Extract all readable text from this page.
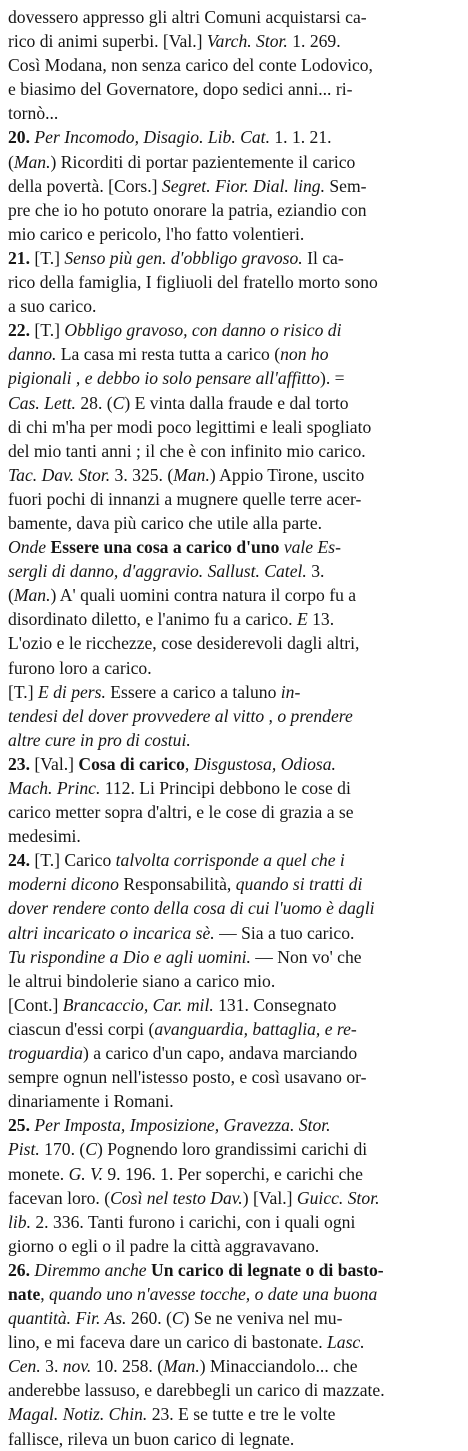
dovessero appresso gli altri Comuni acquistarsi ca-
rico di animi superbi. [Val.] Varch. Stor. 1. 269.
Così Modana, non senza carico del conte Lodovico,
e biasimo del Governatore, dopo sedici anni... ri-
tornò...
20. Per Incomodo, Disagio. Lib. Cat. 1. 1. 21.
(Man.) Ricorditi di portar pazientemente il carico
della povertà. [Cors.] Segret. Fior. Dial. ling. Sem-
pre che io ho potuto onorare la patria, eziandio con
mio carico e pericolo, l'ho fatto volentieri.
21. [T.] Senso più gen. d'obbligo gravoso. Il ca-
rico della famiglia, I figliuoli del fratello morto sono
a suo carico.
22. [T.] Obbligo gravoso, con danno o risico di
danno. La casa mi resta tutta a carico (non ho
pigionali , e debbo io solo pensare all'affitto). =
Cas. Lett. 28. (C) E vinta dalla fraude e dal torto
di chi m'ha per modi poco legittimi e leali spogliato
del mio tanti anni ; il che è con infinito mio carico.
Tac. Dav. Stor. 3. 325. (Man.) Appio Tirone, uscito
fuori pochi di innanzi a mugnere quelle terre acer-
bamente, dava più carico che utile alla parte.
Onde Essere una cosa a carico d'uno vale Es-
sergli di danno, d'aggravio. Sallust. Catel. 3.
(Man.) A' quali uomini contra natura il corpo fu a
disordinato diletto, e l'animo fu a carico. E 13.
L'ozio e le ricchezze, cose desiderevoli dagli altri,
furono loro a carico.
[T.] E di pers. Essere a carico a taluno in-
tendesi del dover provvedere al vitto , o prendere
altre cure in pro di costui.
23. [Val.] Cosa di carico, Disgustosa, Odiosa.
Mach. Princ. 112. Li Principi debbono le cose di
carico metter sopra d'altri, e le cose di grazia a se
medesimi.
24. [T.] Carico talvolta corrisponde a quel che i
moderni dicono Responsabilità, quando si tratti di
dover rendere conto della cosa di cui l'uomo è dagli
altri incaricato o incarica sè. — Sia a tuo carico.
Tu rispondine a Dio e agli uomini. — Non vo' che
le altrui bindolerie siano a carico mio.
[Cont.] Brancaccio, Car. mil. 131. Consegnato
ciascun d'essi corpi (avanguardia, battaglia, e re-
troguardia) a carico d'un capo, andava marciando
sempre ognun nell'istesso posto, e così usavano or-
dinariamente i Romani.
25. Per Imposta, Imposizione, Gravezza. Stor.
Pist. 170. (C) Pognendo loro grandissimi carichi di
monete. G. V. 9. 196. 1. Per soperchi, e carichi che
facevan loro. (Così nel testo Dav.) [Val.] Guicc. Stor.
lib. 2. 336. Tanti furono i carichi, con i quali ogni
giorno o egli o il padre la città aggravavano.
26. Diremmo anche Un carico di legnate o di basto-
nate, quando uno n'avesse tocche, o date una buona
quantità. Fir. As. 260. (C) Se ne veniva nel mu-
lino, e mi faceva dare un carico di bastonate. Lasc.
Cen. 3. nov. 10. 258. (Man.) Minacciandolo... che
anderebbe lassuso, e darebbegli un carico di mazzate.
Magal. Notiz. Chin. 23. E se tutte e tre le volte
fallisce, rileva un buon carico di legnate.
